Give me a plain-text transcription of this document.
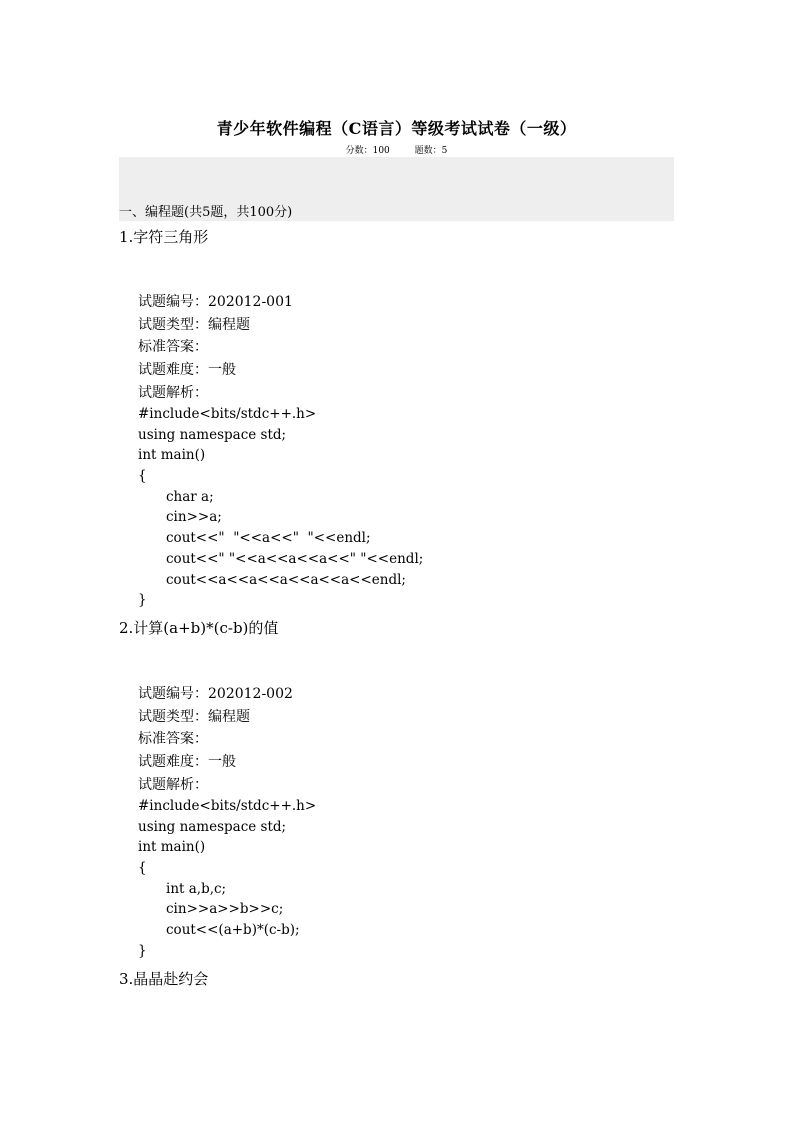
青少年软件编程（C语言）等级考试试卷（一级）
分数：100	题数：5
一、编程题(共5题，共100分)

1.字符三角形

试题编号：202012-001
试题类型：编程题
标准答案：
试题难度：一般
试题解析：
#include<bits/stdc++.h>
using namespace std;
int main()
{
char a;
cin>>a;
cout<<"  "<<a<<"  "<<endl;
cout<<" "<<a<<a<<a<<" "<<endl;
cout<<a<<a<<a<<a<<a<<endl;
}

2.计算(a+b)*(c-b)的值

试题编号：202012-002
试题类型：编程题
标准答案：
试题难度：一般
试题解析：
#include<bits/stdc++.h>
using namespace std;
int main()
{
int a,b,c;
cin>>a>>b>>c;
cout<<(a+b)*(c-b);
}

3.晶晶赴约会
